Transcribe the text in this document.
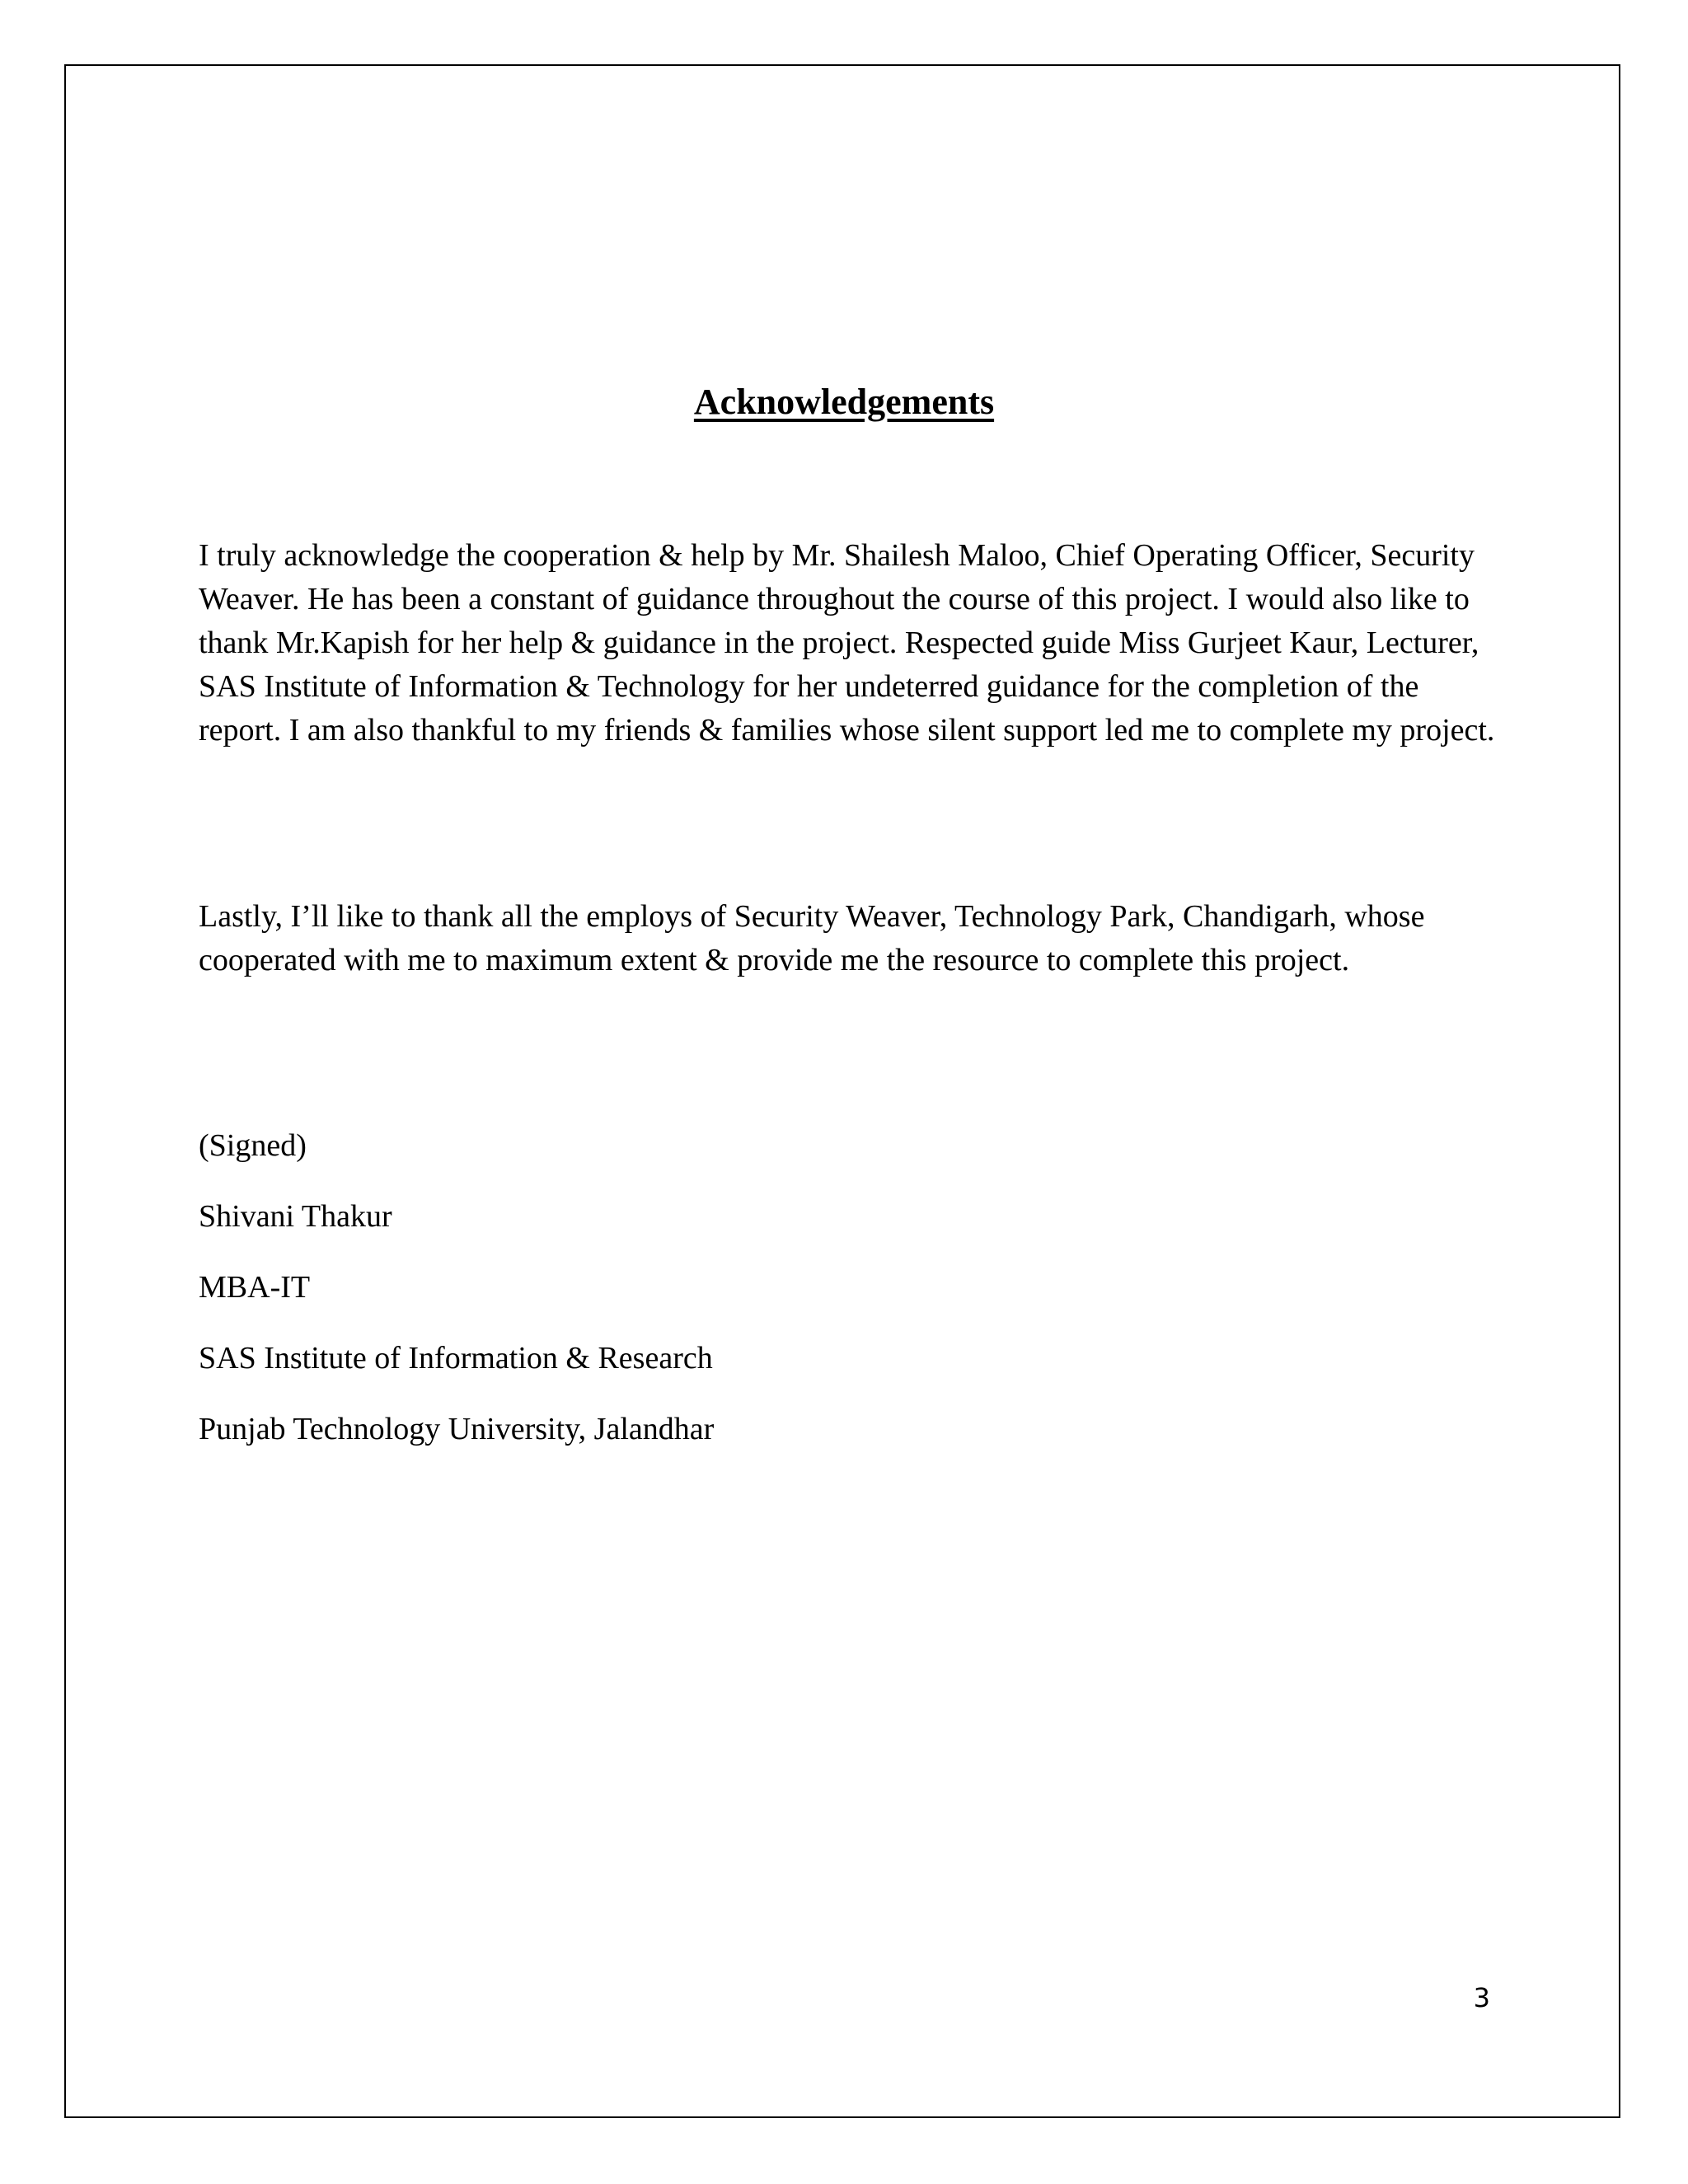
Acknowledgements

I truly acknowledge the cooperation & help by Mr. Shailesh Maloo, Chief Operating Officer, Security Weaver. He has been a constant of guidance throughout the course of this project. I would also like to thank Mr.Kapish for her help & guidance in the project. Respected guide Miss Gurjeet Kaur, Lecturer, SAS Institute of Information & Technology for her undeterred guidance for the completion of the report. I am also thankful to my friends & families whose silent support led me to complete my project.

Lastly, I’ll like to thank all the employs of Security Weaver, Technology Park, Chandigarh, whose cooperated with me to maximum extent & provide me the resource to complete this project.

(Signed)

Shivani Thakur

MBA-IT

SAS Institute of Information & Research

Punjab Technology University, Jalandhar

3
